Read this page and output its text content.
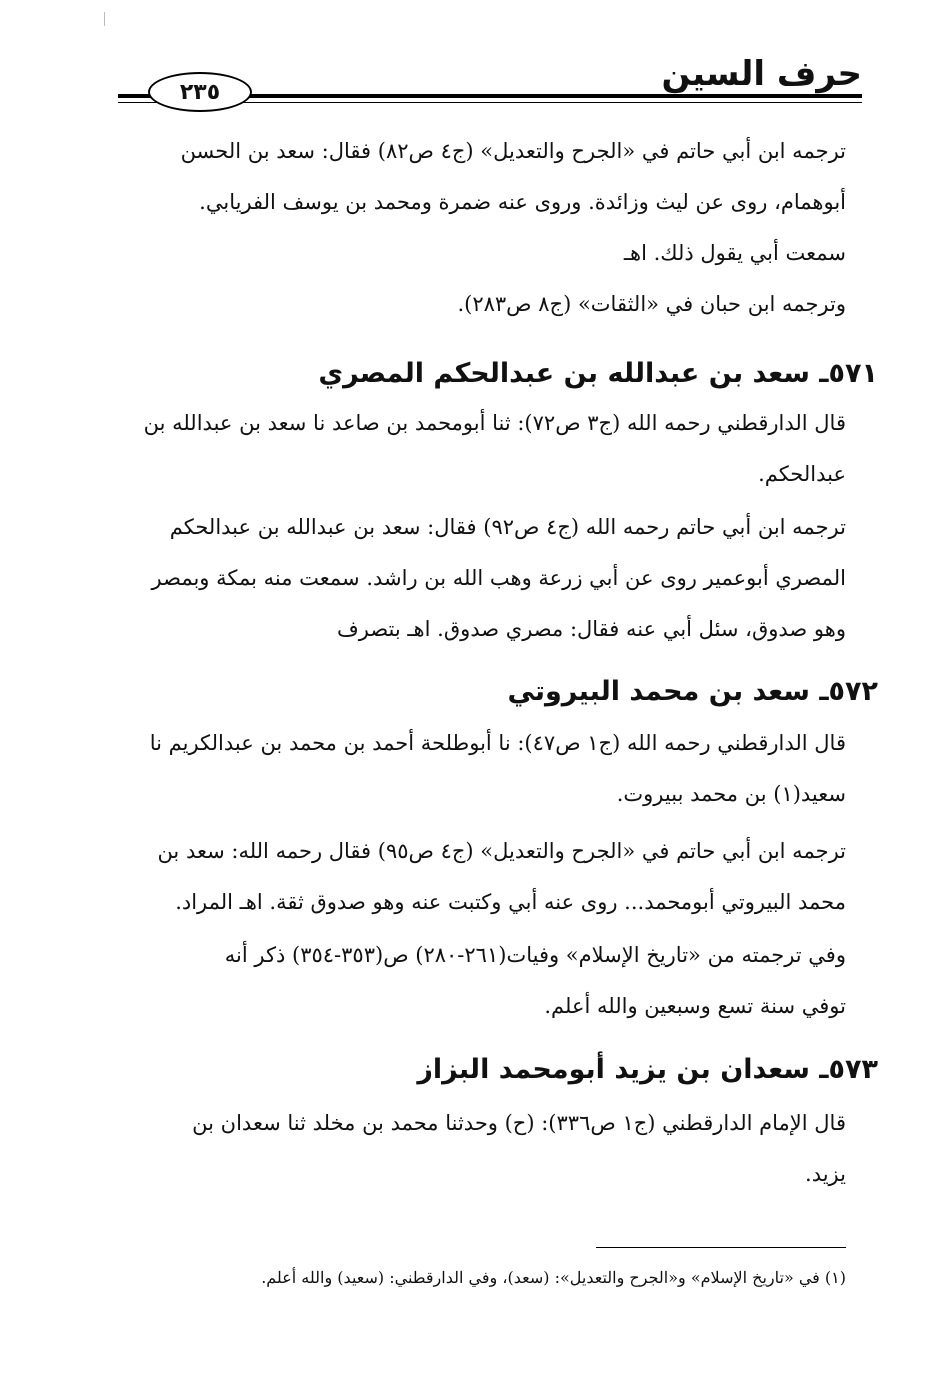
حرف السين
٢٣٥
ترجمه ابن أبي حاتم في «الجرح والتعديل» (ج٤ ص٨٢) فقال: سعد بن الحسن
أبوهمام، روى عن ليث وزائدة. وروى عنه ضمرة ومحمد بن يوسف الفريابي.
سمعت أبي يقول ذلك. اهـ
وترجمه ابن حبان في «الثقات» (ج٨ ص٢٨٣).
٥٧١ـ سعد بن عبدالله بن عبدالحكم المصري
قال الدارقطني رحمه الله (ج٣ ص٧٢): ثنا أبومحمد بن صاعد نا سعد بن عبدالله بن
عبدالحكم.
ترجمه ابن أبي حاتم رحمه الله (ج٤ ص٩٢) فقال: سعد بن عبدالله بن عبدالحكم
المصري أبوعمير روى عن أبي زرعة وهب الله بن راشد. سمعت منه بمكة وبمصر
وهو صدوق، سئل أبي عنه فقال: مصري صدوق. اهـ بتصرف
٥٧٢ـ سعد بن محمد البيروتي
قال الدارقطني رحمه الله (ج١ ص٤٧): نا أبوطلحة أحمد بن محمد بن عبدالكريم نا
سعيد(١) بن محمد ببيروت.
ترجمه ابن أبي حاتم في «الجرح والتعديل» (ج٤ ص٩٥) فقال رحمه الله: سعد بن
محمد البيروتي أبومحمد... روى عنه أبي وكتبت عنه وهو صدوق ثقة. اهـ المراد.
وفي ترجمته من «تاريخ الإسلام» وفيات(٢٦١-٢٨٠) ص(٣٥٣-٣٥٤) ذكر أنه
توفي سنة تسع وسبعين والله أعلم.
٥٧٣ـ سعدان بن يزيد أبومحمد البزاز
قال الإمام الدارقطني (ج١ ص٣٣٦): (ح) وحدثنا محمد بن مخلد ثنا سعدان بن
يزيد.
(١) في «تاريخ الإسلام» و«الجرح والتعديل»: (سعد)، وفي الدارقطني: (سعيد) والله أعلم.
